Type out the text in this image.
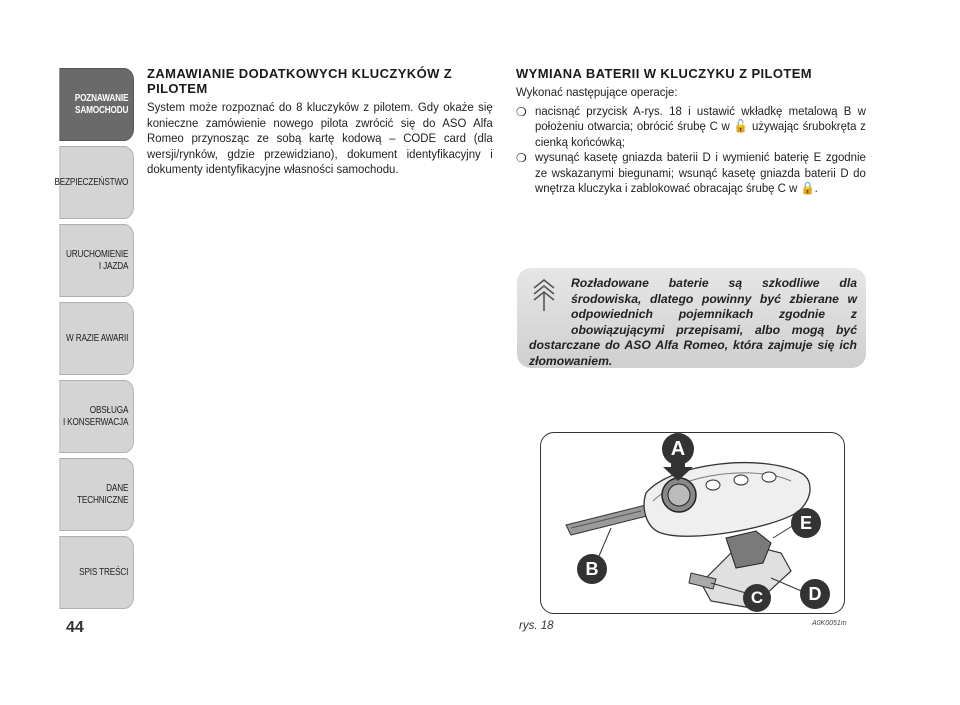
POZNAWANIE
SAMOCHODU
BEZPIECZEŃSTWO
URUCHOMIENIE
I JAZDA
W RAZIE AWARII
OBSŁUGA
I KONSERWACJA
DANE
TECHNICZNE
SPIS TREŚCI
44
ZAMAWIANIE DODATKOWYCH KLUCZYKÓW Z PILOTEM

System może rozpoznać do 8 kluczyków z pilotem. Gdy okaże się konieczne zamówienie nowego pilota zwrócić się do ASO Alfa Romeo przynosząc ze sobą kartę kodową – CODE card (dla wersji/rynków, gdzie przewidziano), dokument identyfikacyjny i dokumenty identyfikacyjne własności samochodu.

WYMIANA BATERII W KLUCZYKU Z PILOTEM

Wykonać następujące operacje:

❍ nacisnąć przycisk A-rys. 18 i ustawić wkładkę metalową B w położeniu otwarcia; obrócić śrubę C w 🔓 używając śrubokręta z cienką końcówką;
❍ wysunąć kasetę gniazda baterii D i wymienić baterię E zgodnie ze wskazanymi biegunami; wsunąć kasetę gniazda baterii D do wnętrza kluczyka i zablokować obracając śrubę C w 🔒.
Rozładowane baterie są szkodliwe dla środowiska, dlatego powinny być zbierane w odpowiednich pojemnikach zgodnie z obowiązującymi przepisami, albo mogą być dostarczane do ASO Alfa Romeo, która zajmuje się ich złomowaniem.
A
B
C	D
E
rys. 18	A0K0051m
